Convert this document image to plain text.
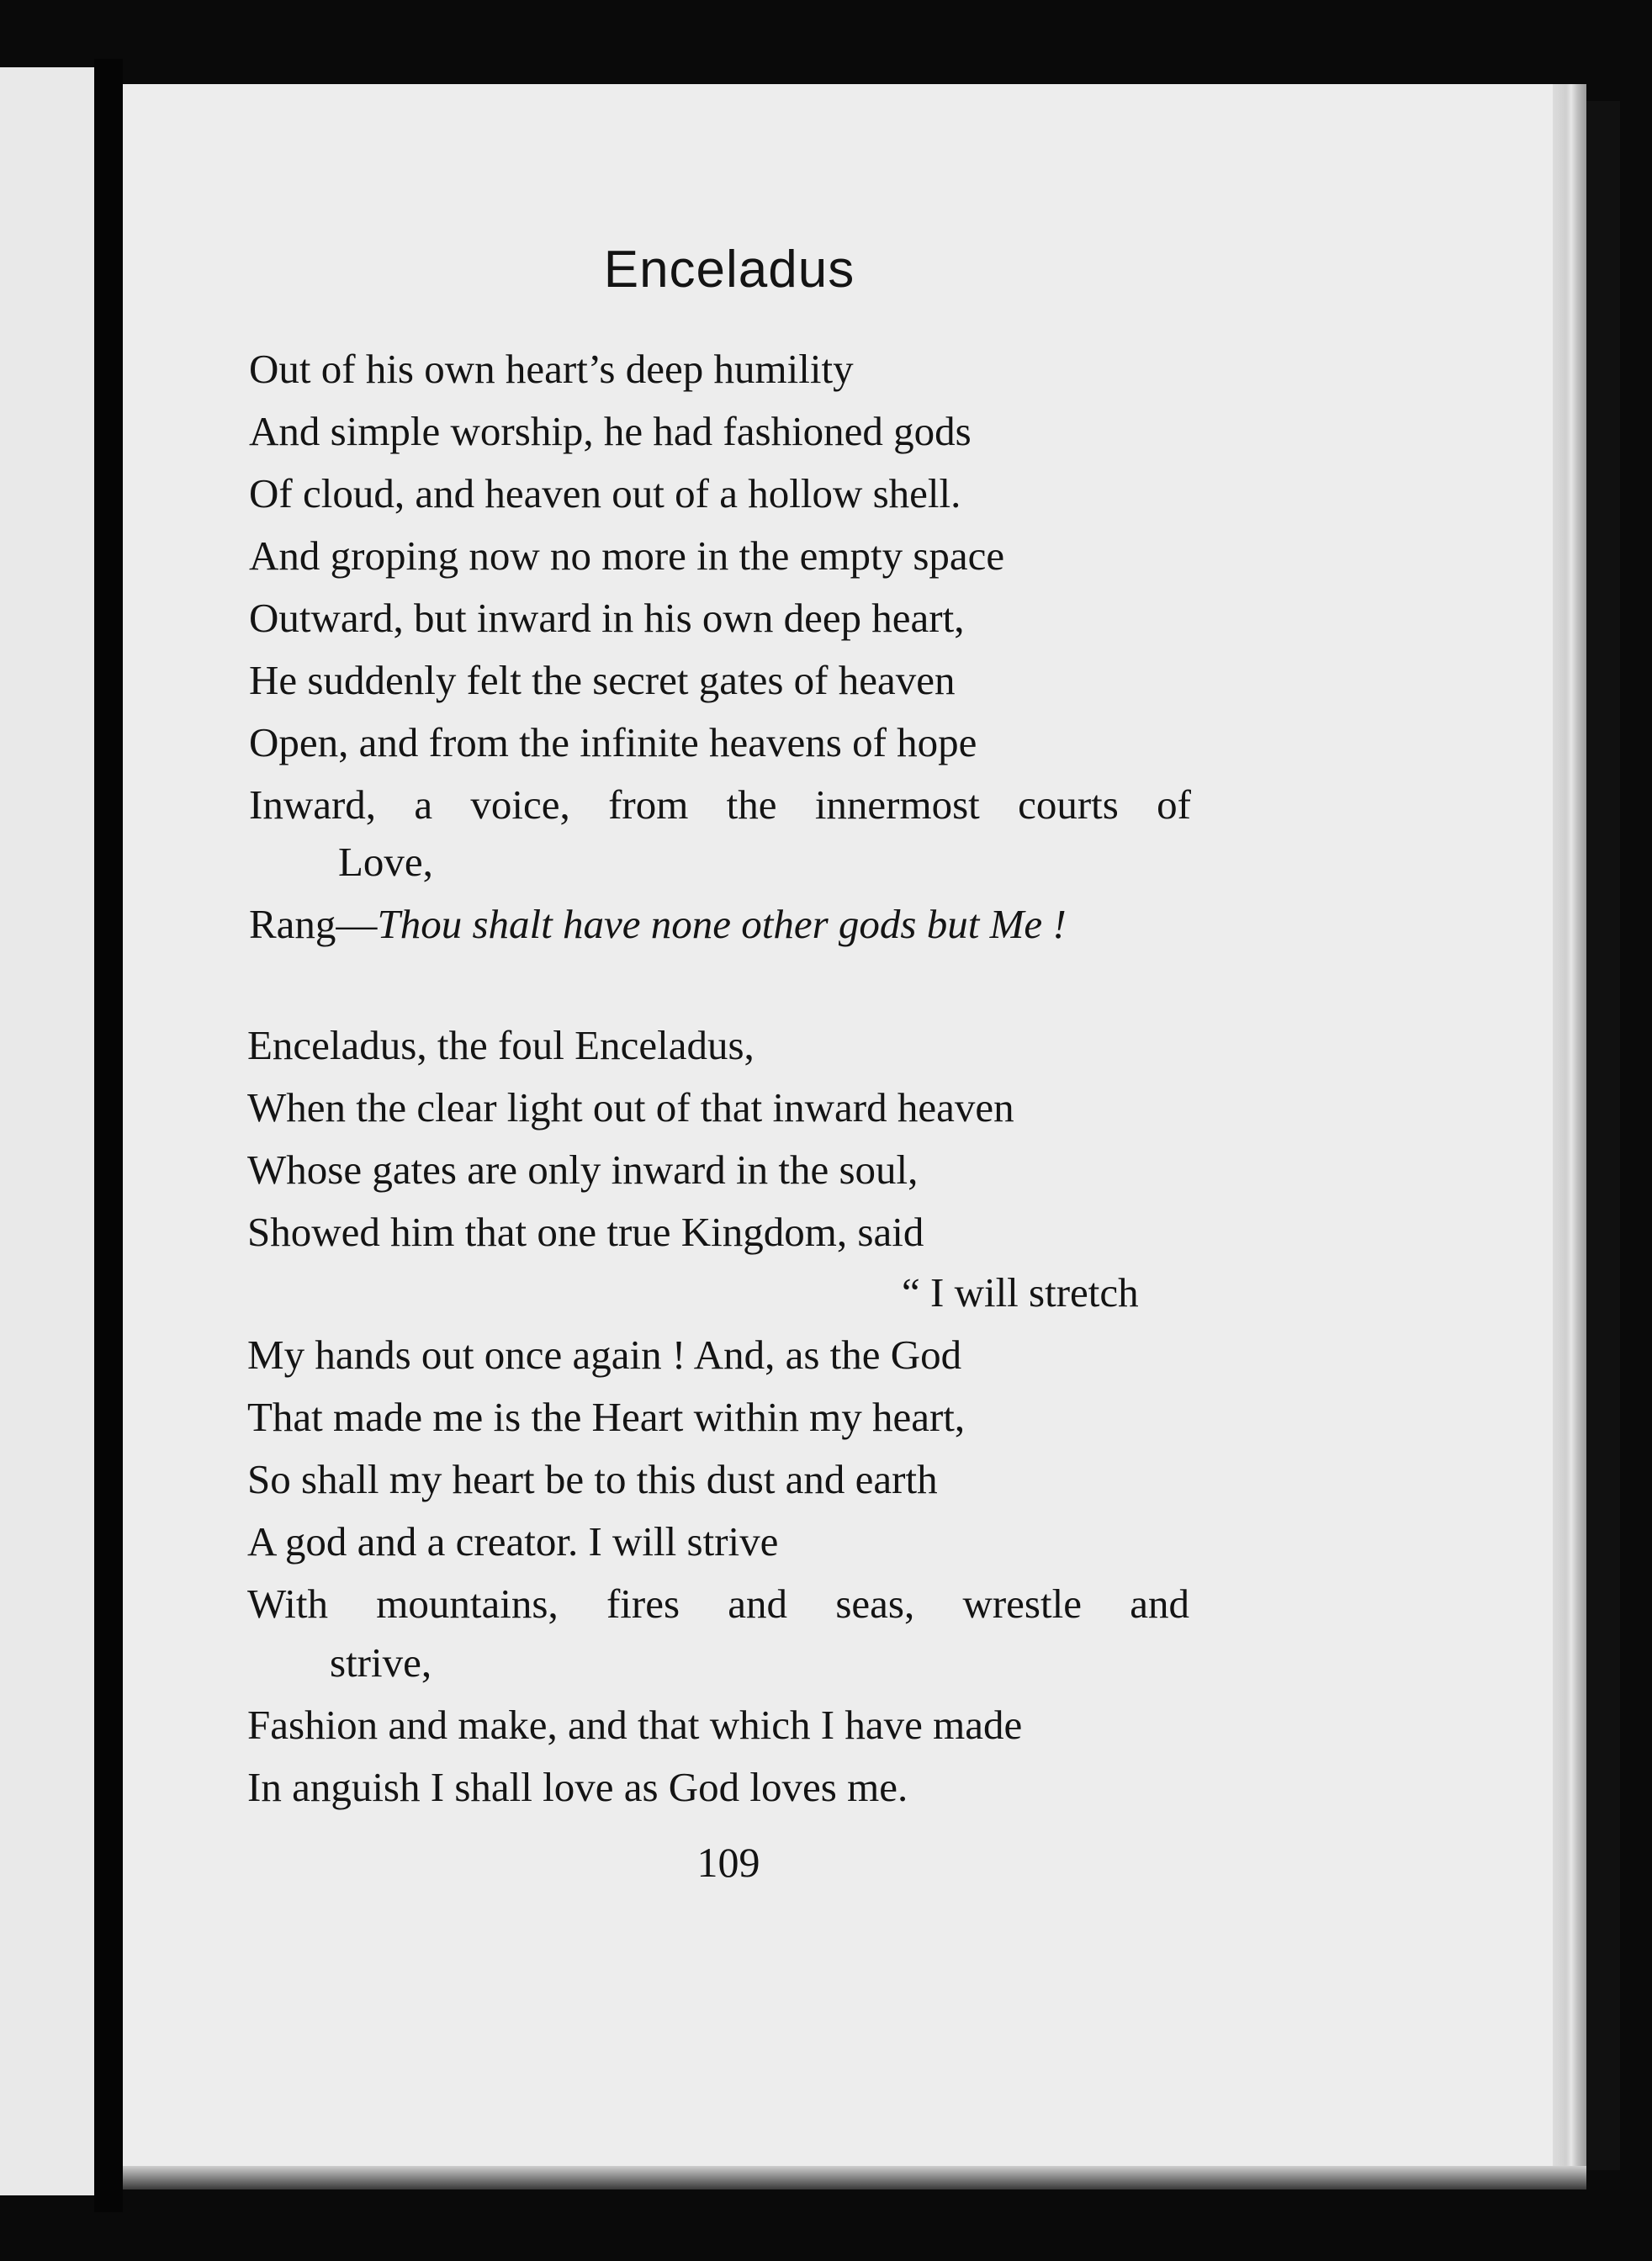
Enceladus
Out of his own heart’s deep humility
And simple worship, he had fashioned gods
Of cloud, and heaven out of a hollow shell.
And groping now no more in the empty space
Outward, but inward in his own deep heart,
He suddenly felt the secret gates of heaven
Open, and from the infinite heavens of hope
Inward, a voice, from the innermost courts of
Love,
Rang—Thou shalt have none other gods but Me !
Enceladus, the foul Enceladus,
When the clear light out of that inward heaven
Whose gates are only inward in the soul,
Showed him that one true Kingdom, said
“ I will stretch
My hands out once again ! And, as the God
That made me is the Heart within my heart,
So shall my heart be to this dust and earth
A god and a creator. I will strive
With mountains, fires and seas, wrestle and
strive,
Fashion and make, and that which I have made
In anguish I shall love as God loves me.
109
